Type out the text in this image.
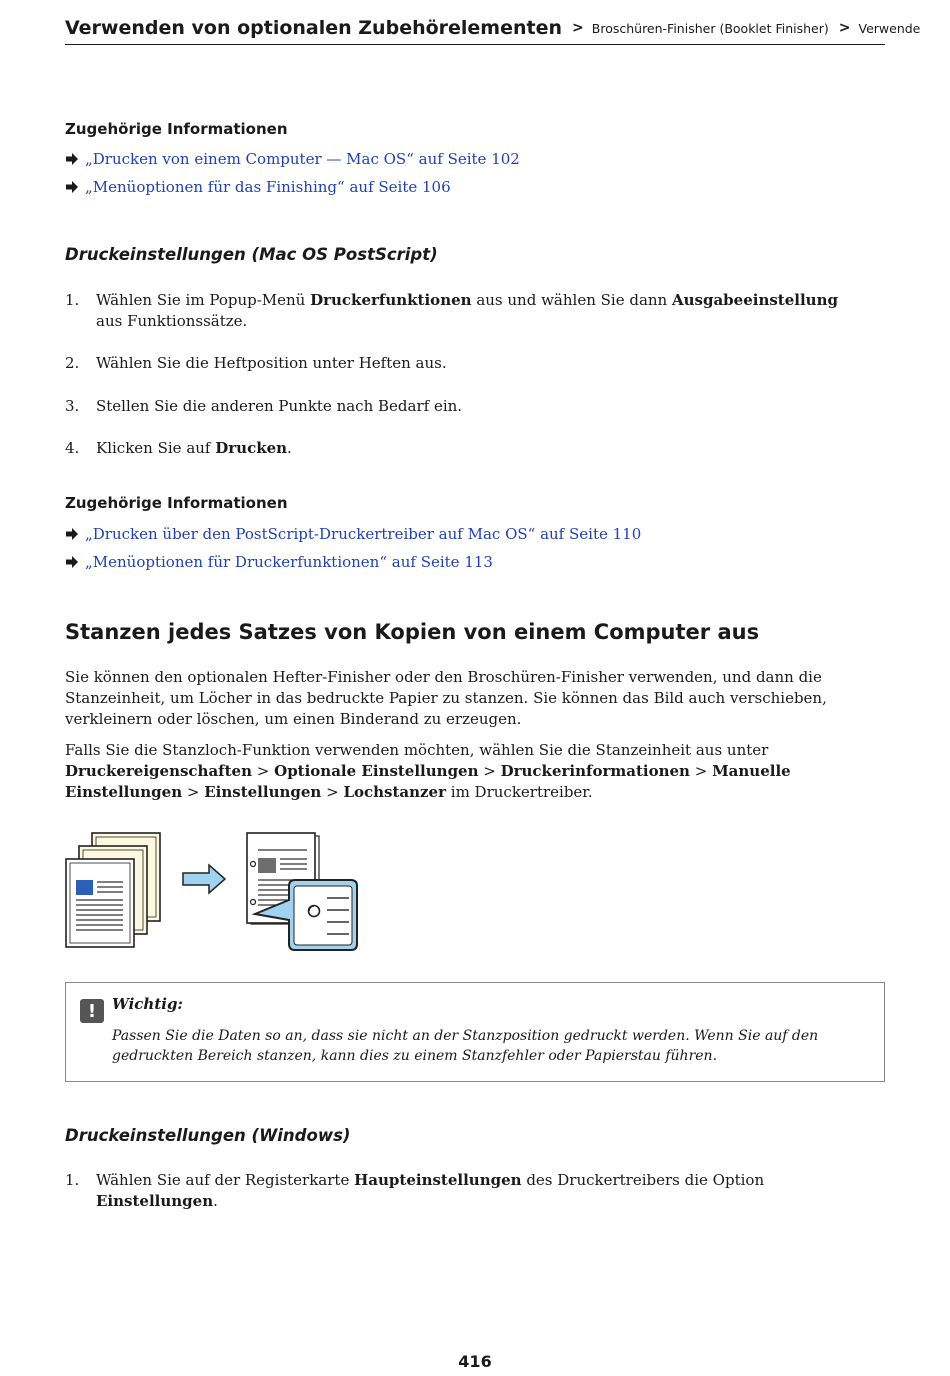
Verwenden von optionalen Zubehörelementen > Broschüren-Finisher (Booklet Finisher) > Verwende
Zugehörige Informationen
„Drucken von einem Computer — Mac OS“ auf Seite 102
„Menüoptionen für das Finishing“ auf Seite 106
Druckeinstellungen (Mac OS PostScript)
1.	Wählen Sie im Popup-Menü Druckerfunktionen aus und wählen Sie dann Ausgabeeinstellung aus Funktionssätze.
2.	Wählen Sie die Heftposition unter Heften aus.
3.	Stellen Sie die anderen Punkte nach Bedarf ein.
4.	Klicken Sie auf Drucken.
Zugehörige Informationen
„Drucken über den PostScript-Druckertreiber auf Mac OS“ auf Seite 110
„Menüoptionen für Druckerfunktionen“ auf Seite 113
Stanzen jedes Satzes von Kopien von einem Computer aus
Sie können den optionalen Hefter-Finisher oder den Broschüren-Finisher verwenden, und dann die Stanzeinheit, um Löcher in das bedruckte Papier zu stanzen. Sie können das Bild auch verschieben, verkleinern oder löschen, um einen Binderand zu erzeugen.
Falls Sie die Stanzloch-Funktion verwenden möchten, wählen Sie die Stanzeinheit aus unter Druckereigenschaften > Optionale Einstellungen > Druckerinformationen > Manuelle Einstellungen > Einstellungen > Lochstanzer im Druckertreiber.
!	Wichtig:
Passen Sie die Daten so an, dass sie nicht an der Stanzposition gedruckt werden. Wenn Sie auf den gedruckten Bereich stanzen, kann dies zu einem Stanzfehler oder Papierstau führen.
Druckeinstellungen (Windows)
1.	Wählen Sie auf der Registerkarte Haupteinstellungen des Druckertreibers die Option Einstellungen.
416
